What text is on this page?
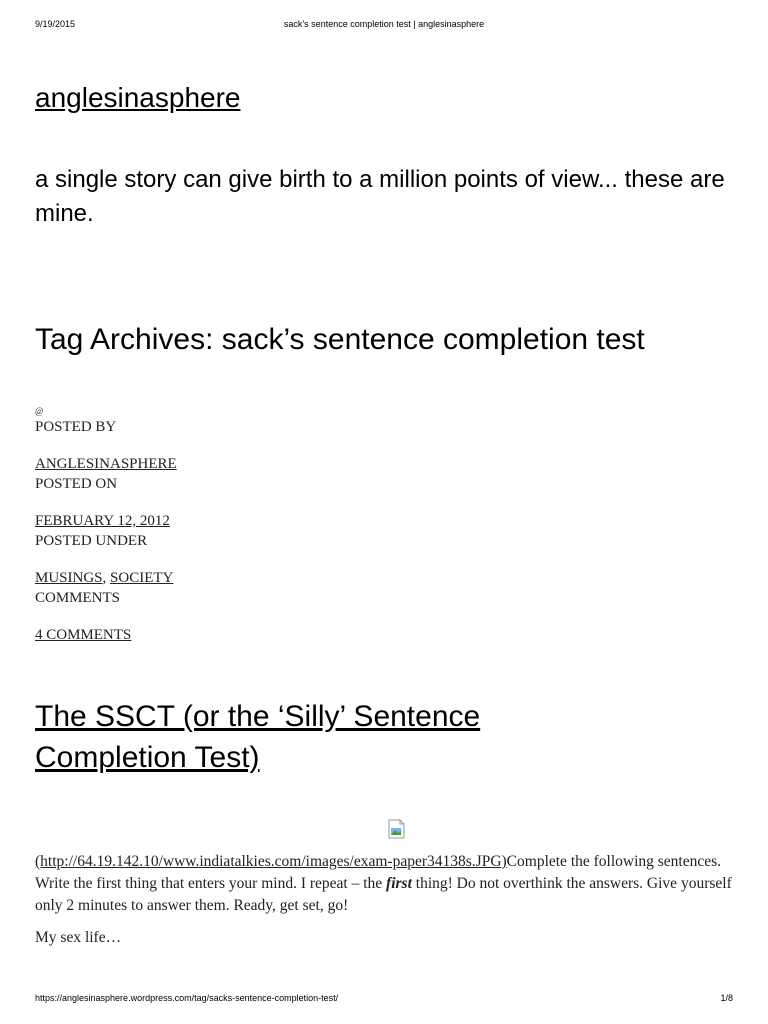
9/19/2015	sack’s sentence completion test | anglesinasphere
anglesinasphere

a single story can give birth to a million points of view... these are mine.

Tag Archives: sack’s sentence completion test
@
POSTED BY
ANGLESINASPHERE
POSTED ON
FEBRUARY 12, 2012
POSTED UNDER
MUSINGS, SOCIETY
COMMENTS
4 COMMENTS
The SSCT (or the ‘Silly’ Sentence Completion Test)

(http://64.19.142.10/www.indiatalkies.com/images/exam-paper34138s.JPG)Complete the following sentences. Write the first thing that enters your mind. I repeat – the first thing! Do not overthink the answers. Give yourself only 2 minutes to answer them. Ready, get set, go!

My sex life…

https://anglesinasphere.wordpress.com/tag/sacks-sentence-completion-test/	1/8
